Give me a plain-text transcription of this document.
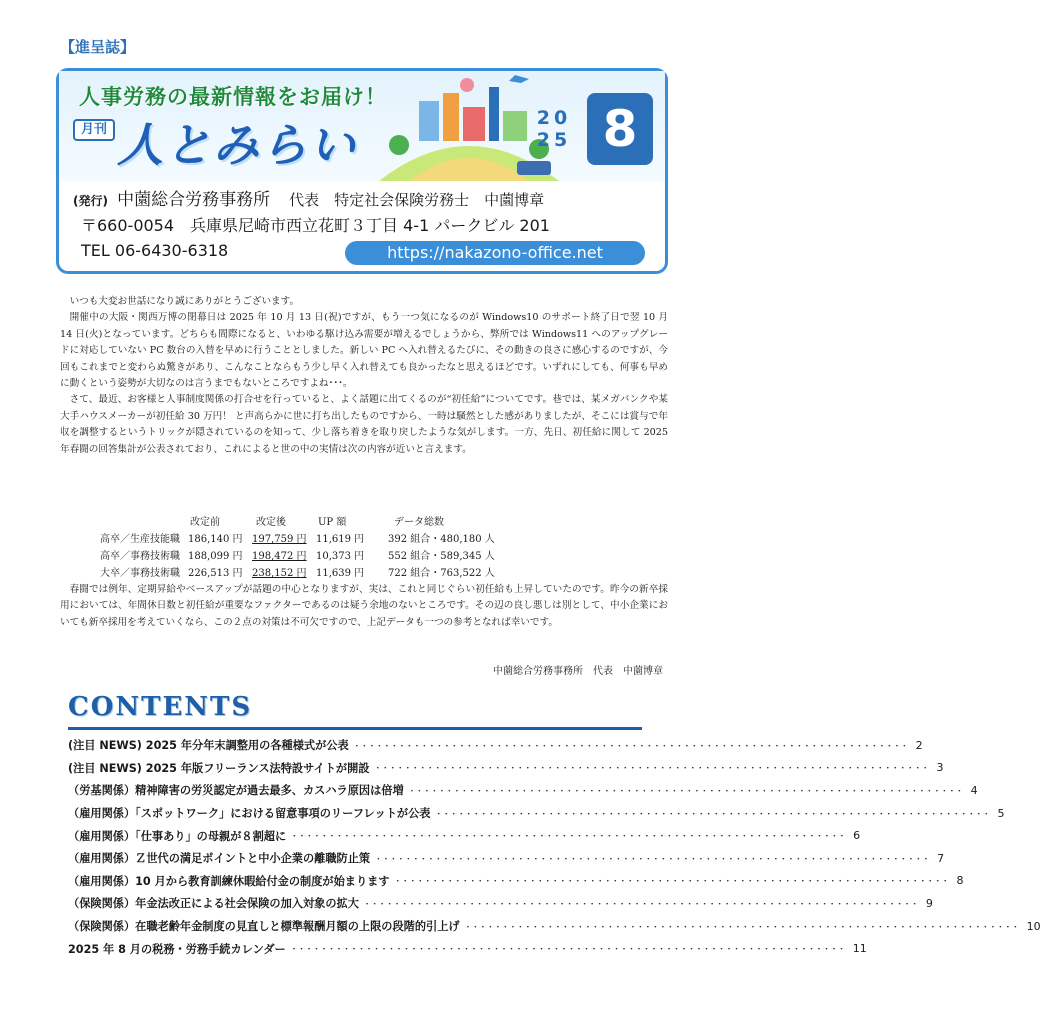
【進呈誌】
人事労務の最新情報をお届け！
月刊 人とみらい	20
25 8
(発行) 中薗総合労務事務所 代表　特定社会保険労務士　中薗博章
〒660-0054　兵庫県尼崎市西立花町３丁目 4-1 パークビル 201
TEL 06-6430-6318	https://nakazono-office.net

いつも大変お世話になり誠にありがとうございます。

開催中の大阪・関西万博の閉幕日は 2025 年 10 月 13 日(祝)ですが、もう一つ気になるのが Windows10 のサポート終了日で翌 10 月 14 日(火)となっています。どちらも間際になると、いわゆる駆け込み需要が増えるでしょうから、弊所では Windows11 へのアップグレードに対応していない PC 数台の入替を早めに行うこととしました。新しい PC へ入れ替えるたびに、その動きの良さに感心するのですが、今回もこれまでと変わらぬ驚きがあり、こんなことならもう少し早く入れ替えても良かったなと思えるほどです。いずれにしても、何事も早めに動くという姿勢が大切なのは言うまでもないところですよね･･･。

さて、最近、お客様と人事制度関係の打合せを行っていると、よく話題に出てくるのが“初任給”についてです。巷では、某メガバンクや某大手ハウスメーカーが初任給 30 万円！ と声高らかに世に打ち出したものですから、一時は騒然とした感がありましたが、そこには賞与で年収を調整するというトリックが隠されているのを知って、少し落ち着きを取り戻したような気がします。一方、先日、初任給に関して 2025 年春闘の回答集計が公表されており、これによると世の中の実情は次の内容が近いと言えます。

改定前	改定後	UP 額	データ総数
高卒／生産技能職 186,140 円 197,759 円 11,619 円 392 組合・480,180 人
高卒／事務技術職 188,099 円 198,472 円 10,373 円 552 組合・589,345 人
大卒／事務技術職 226,513 円 238,152 円 11,639 円 722 組合・763,522 人

春闘では例年、定期昇給やベースアップが話題の中心となりますが、実は、これと同じぐらい初任給も上昇していたのです。昨今の新卒採用においては、年間休日数と初任給が重要なファクターであるのは疑う余地のないところです。その辺の良し悪しは別として、中小企業においても新卒採用を考えていくなら、この２点の対策は不可欠ですので、上記データも一つの参考となれば幸いです。

中薗総合労務事務所　代表　中薗博章
CONTENTS
(注目 NEWS) 2025 年分年末調整用の各種様式が公表 ･･････････････････････････････････････････････････････････････････････････ 2
(注目 NEWS) 2025 年版フリーランス法特設サイトが開設 ･･････････････････････････････････････････････････････････････････････････ 3
（労基関係）精神障害の労災認定が過去最多、カスハラ原因は倍増 ･･････････････････････････････････････････････････････････････････････････ 4
（雇用関係）「スポットワーク」における留意事項のリーフレットが公表 ･･････････････････････････････････････････････････････････････････････････ 5
（雇用関係）「仕事あり」の母親が８割超に ･･････････････････････････････････････････････････････････････････････････ 6
（雇用関係）Ｚ世代の満足ポイントと中小企業の離職防止策 ･･････････････････････････････････････････････････････････････････････････ 7
（雇用関係）10 月から教育訓練休暇給付金の制度が始まります ･･････････････････････････････････････････････････････････････････････････ 8
（保険関係）年金法改正による社会保険の加入対象の拡大 ･･････････････････････････････････････････････････････････････････････････ 9
（保険関係）在職老齢年金制度の見直しと標準報酬月額の上限の段階的引上げ ･･････････････････････････････････････････････････････････････････････････ 10
2025 年 8 月の税務・労務手続カレンダー ･･････････････････････････････････････････････････････････････････････････ 11
